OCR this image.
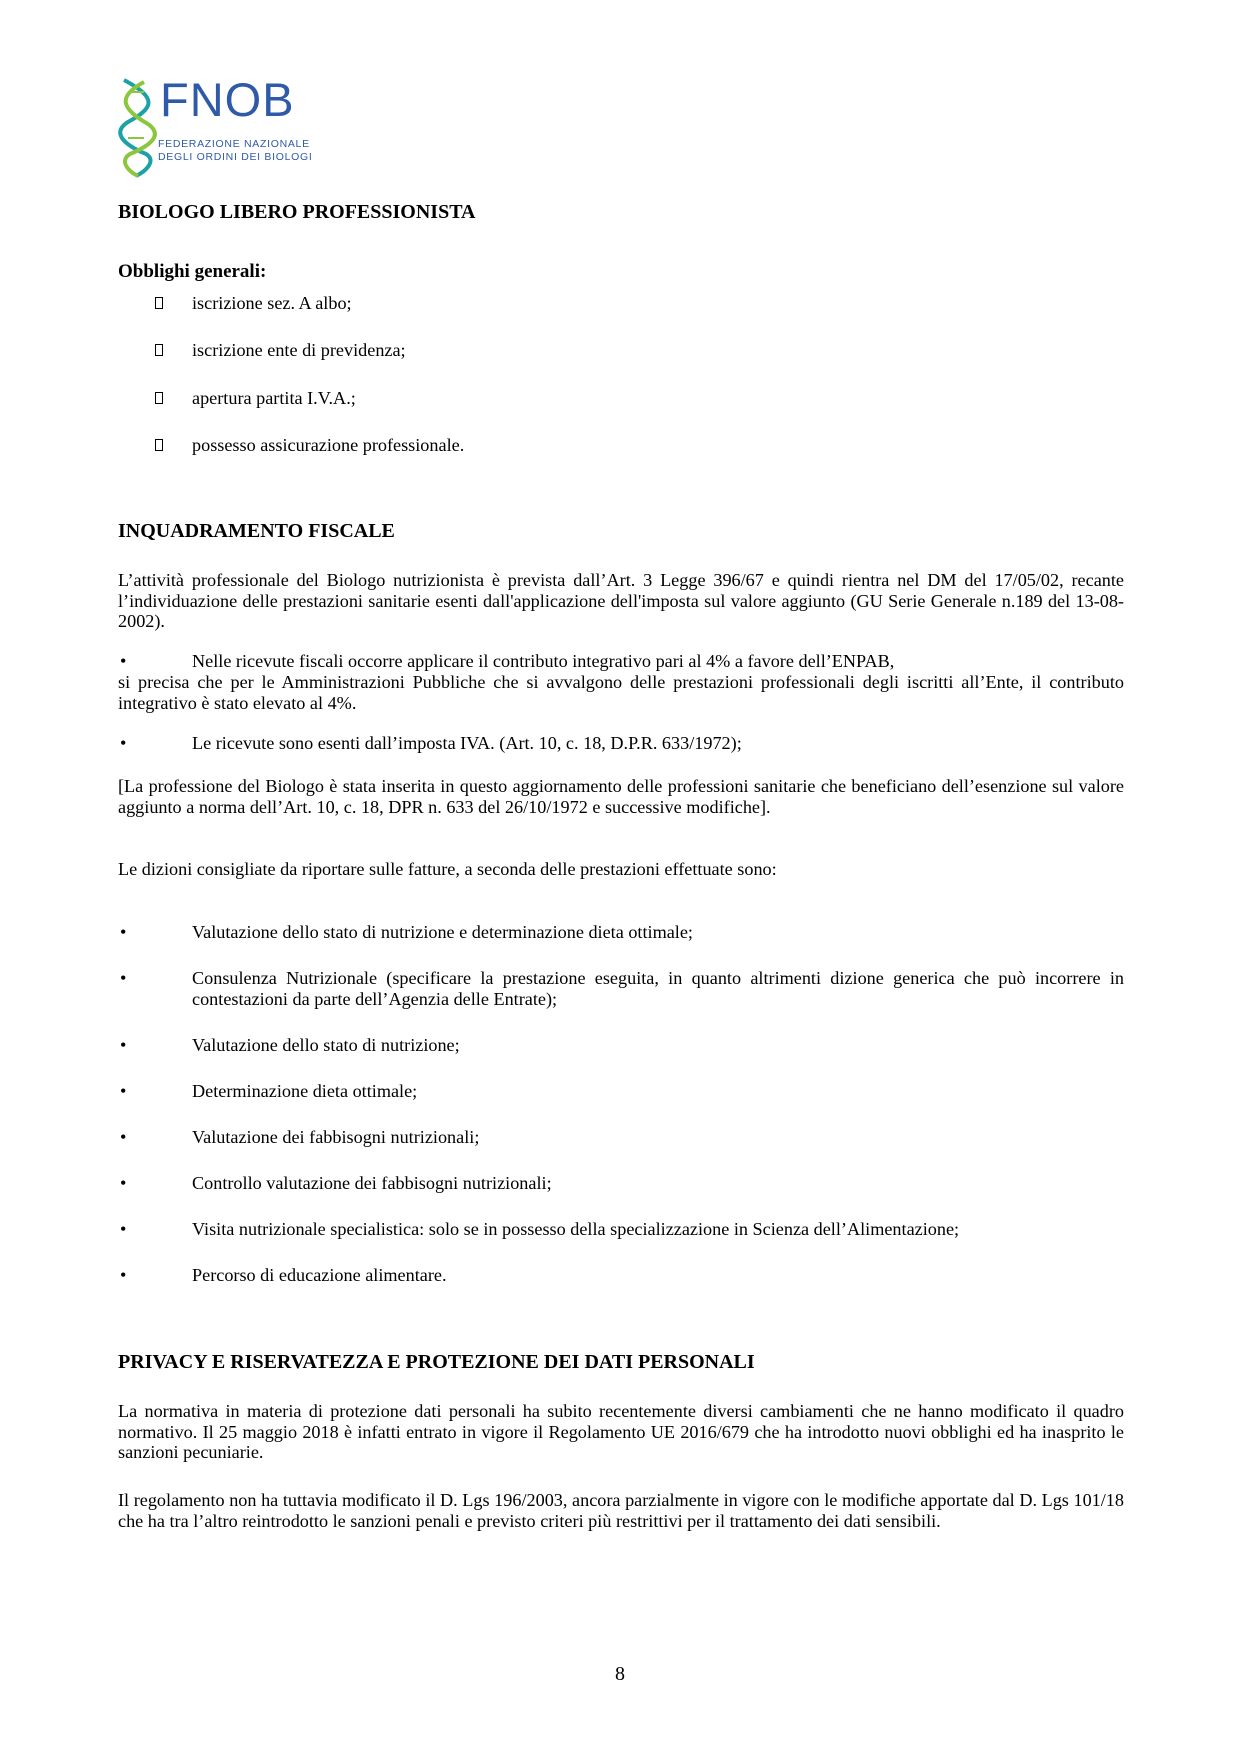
FNOB
FEDERAZIONE NAZIONALE
DEGLI ORDINI DEI BIOLOGI
BIOLOGO LIBERO PROFESSIONISTA
Obblighi generali:
iscrizione sez. A albo;
iscrizione ente di previdenza;
apertura partita I.V.A.;
possesso assicurazione professionale.
INQUADRAMENTO FISCALE
L’attività professionale del Biologo nutrizionista è prevista dall’Art. 3 Legge 396/67 e quindi rientra nel DM del 17/05/02, recante l’individuazione delle prestazioni sanitarie esenti dall'applicazione dell'imposta sul valore aggiunto (GU Serie Generale n.189 del 13-08-2002).
•	Nelle ricevute fiscali occorre applicare il contributo integrativo pari al 4% a favore dell’ENPAB,
si precisa che per le Amministrazioni Pubbliche che si avvalgono delle prestazioni professionali degli iscritti all’Ente, il contributo integrativo è stato elevato al 4%.
•	Le ricevute sono esenti dall’imposta IVA. (Art. 10, c. 18, D.P.R. 633/1972);
[La professione del Biologo è stata inserita in questo aggiornamento delle professioni sanitarie che beneficiano dell’esenzione sul valore aggiunto a norma dell’Art. 10, c. 18, DPR n. 633 del 26/10/1972 e successive modifiche].
Le dizioni consigliate da riportare sulle fatture, a seconda delle prestazioni effettuate sono:
•	Valutazione dello stato di nutrizione e determinazione dieta ottimale;
•	Consulenza Nutrizionale (specificare la prestazione eseguita, in quanto altrimenti dizione generica che può incorrere in contestazioni da parte dell’Agenzia delle Entrate);
•	Valutazione dello stato di nutrizione;
•	Determinazione dieta ottimale;
•	Valutazione dei fabbisogni nutrizionali;
•	Controllo valutazione dei fabbisogni nutrizionali;
•	Visita nutrizionale specialistica: solo se in possesso della specializzazione in Scienza dell’Alimentazione;
•	Percorso di educazione alimentare.
PRIVACY E RISERVATEZZA E PROTEZIONE DEI DATI PERSONALI
La normativa in materia di protezione dati personali ha subito recentemente diversi cambiamenti che ne hanno modificato il quadro normativo. Il 25 maggio 2018 è infatti entrato in vigore il Regolamento UE 2016/679 che ha introdotto nuovi obblighi ed ha inasprito le sanzioni pecuniarie.
Il regolamento non ha tuttavia modificato il D. Lgs 196/2003, ancora parzialmente in vigore con le modifiche apportate dal D. Lgs 101/18 che ha tra l’altro reintrodotto le sanzioni penali e previsto criteri più restrittivi per il trattamento dei dati sensibili.
8
